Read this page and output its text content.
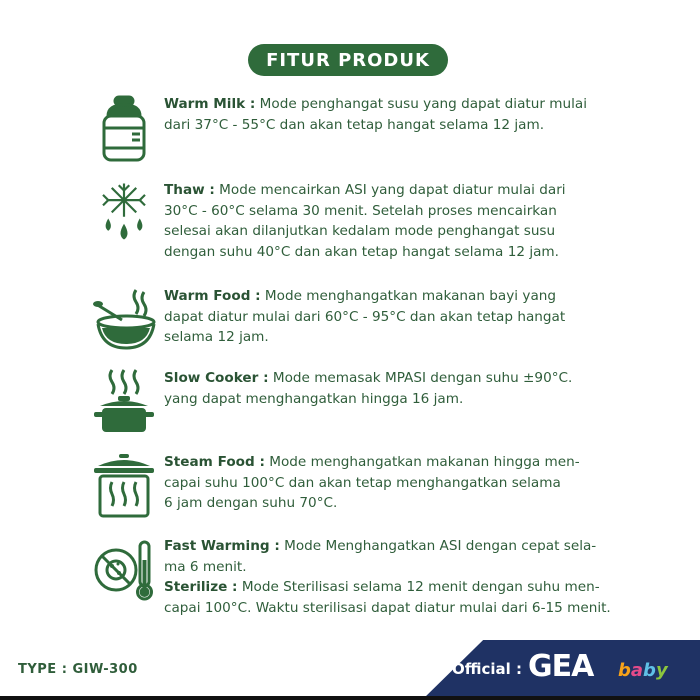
FITUR PRODUK
Warm Milk : Mode penghangat susu yang dapat diatur mulai
dari 37°C - 55°C dan akan tetap hangat selama 12 jam.
Thaw : Mode mencairkan ASI yang dapat diatur mulai dari
30°C - 60°C selama 30 menit. Setelah proses mencairkan
selesai akan dilanjutkan kedalam mode penghangat susu
dengan suhu 40°C dan akan tetap hangat selama 12 jam.
Warm Food : Mode menghangatkan makanan bayi yang
dapat diatur mulai dari 60°C - 95°C dan akan tetap hangat
selama 12 jam.
Slow Cooker : Mode memasak MPASI dengan suhu ±90°C.
yang dapat menghangatkan hingga 16 jam.
Steam Food : Mode menghangatkan makanan hingga men-
capai suhu 100°C dan akan tetap menghangatkan selama
6 jam dengan suhu 70°C.
Fast Warming : Mode Menghangatkan ASI dengan cepat sela-
ma 6 menit.
Sterilize : Mode Sterilisasi selama 12 menit dengan suhu men-
capai 100°C. Waktu sterilisasi dapat diatur mulai dari 6-15 menit.
TYPE : GIW-300	Official : GEA baby
